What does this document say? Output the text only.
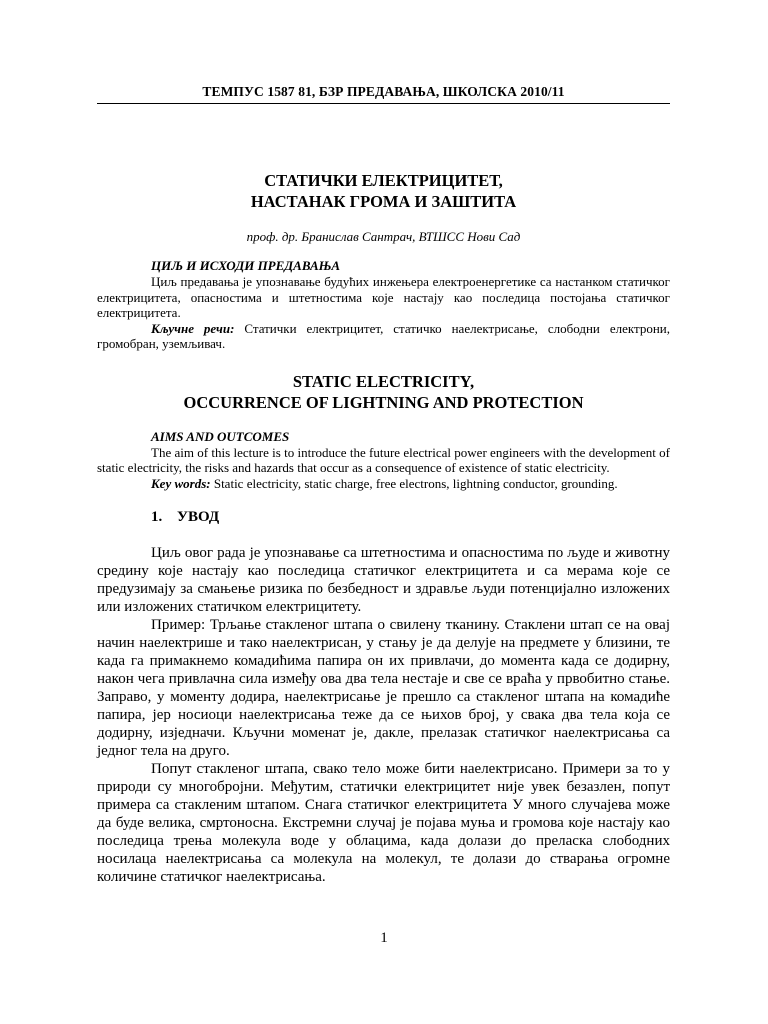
ТЕМПУС 1587 81, БЗР ПРЕДАВАЊА, ШКОЛСКА 2010/11
СТАТИЧКИ ЕЛЕКТРИЦИТЕТ,
НАСТАНАК ГРОМА И ЗАШТИТА
проф. др. Бранислав Сантрач, ВТШСС Нови Сад
ЦИЉ И ИСХОДИ ПРЕДАВАЊА
Циљ предавања је упознавање будућих инжењера електроенергетике са настанком статичког електрицитета, опасностима и штетностима које настају као последица постојања статичког електрицитета.
Кључне речи: Статички електрицитет, статичко наелектрисање, слободни електрони, громобран, уземљивач.
STATIC ELECTRICITY,
OCCURRENCE OF LIGHTNING AND PROTECTION
AIMS AND OUTCOMES
The aim of this lecture is to introduce the future electrical power engineers with the development of static electricity, the risks and hazards that occur as a consequence of existence of static electricity.
Key words: Static electricity, static charge, free electrons, lightning conductor, grounding.
1. УВОД
Циљ овог рада је упознавање са штетностима и опасностима по људе и животну средину које настају као последица статичког електрицитета и са мерама које се предузимају за смањење ризика по безбедност и здравље људи потенцијално изложених или изложених статичком електрицитету.
Пример: Трљање стакленог штапа о свилену тканину. Стаклени штап се на овај начин наелектрише и тако наелектрисан, у стању је да делује на предмете у близини, те када га примакнемо комадићима папира он их привлачи, до момента када се додирну, након чега привлачна сила између ова два тела нестаје и све се враћа у првобитно стање. Заправо, у моменту додира, наелектрисање је прешло са стакленог штапа на комадиће папира, јер носиоци наелектрисања теже да се њихов број, у свака два тела која се додирну, изједначи. Кључни моменат је, дакле, прелазак статичког наелектрисања са једног тела на друго.
Попут стакленог штапа, свако тело може бити наелектрисано. Примери за то у природи су многобројни. Међутим, статички електрицитет није увек безазлен, попут примера са стакленим штапом. Снага статичког електрицитета У много случајева може да буде велика, смртоносна. Екстремни случај је појава муња и громова које настају као последица трења молекула воде у облацима, када долази до преласка слободних носилаца наелектрисања са молекула на молекул, те долази до стварања огромне количине статичког наелектрисања.
1
